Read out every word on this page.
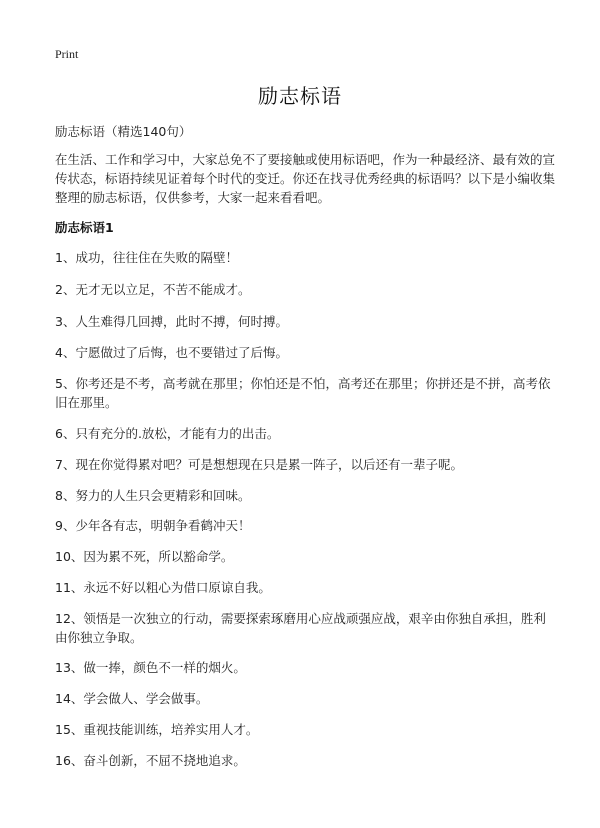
Print
励志标语
励志标语（精选140句）
在生活、工作和学习中，大家总免不了要接触或使用标语吧，作为一种最经济、最有效的宣传状态，标语持续见证着每个时代的变迁。你还在找寻优秀经典的标语吗？以下是小编收集整理的励志标语，仅供参考，大家一起来看看吧。
励志标语1
1、成功，往往住在失败的隔壁！
2、无才无以立足，不苦不能成才。
3、人生难得几回搏，此时不搏，何时搏。
4、宁愿做过了后悔，也不要错过了后悔。
5、你考还是不考，高考就在那里；你怕还是不怕，高考还在那里；你拼还是不拼，高考依旧在那里。
6、只有充分的.放松，才能有力的出击。
7、现在你觉得累对吧？可是想想现在只是累一阵子，以后还有一辈子呢。
8、努力的人生只会更精彩和回味。
9、少年各有志，明朝争看鹤冲天！
10、因为累不死，所以豁命学。
11、永远不好以粗心为借口原谅自我。
12、领悟是一次独立的行动，需要探索琢磨用心应战顽强应战，艰辛由你独自承担，胜利由你独立争取。
13、做一捧，颜色不一样的烟火。
14、学会做人、学会做事。
15、重视技能训练，培养实用人才。
16、奋斗创新，不屈不挠地追求。
